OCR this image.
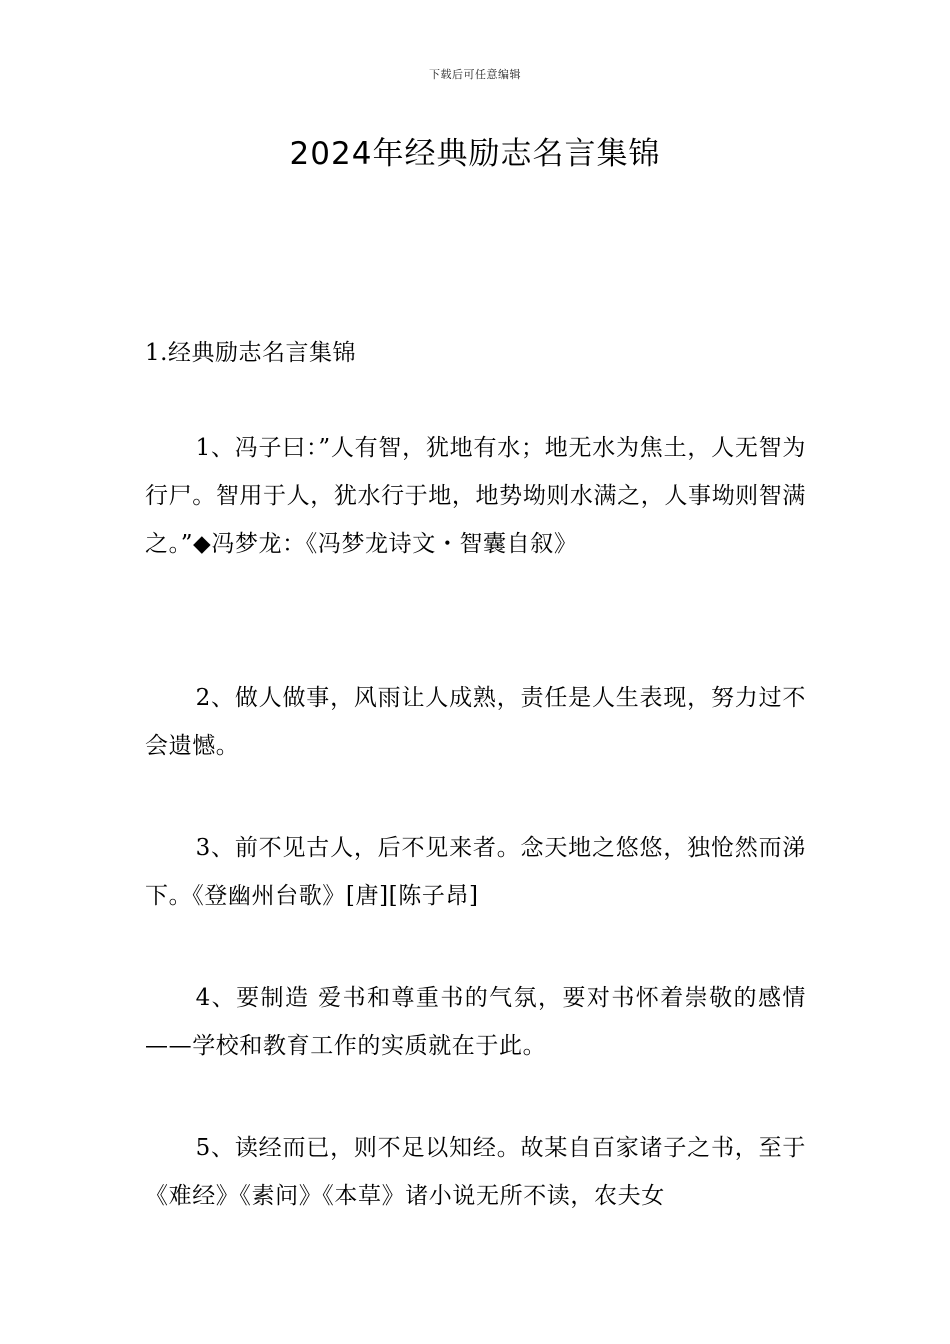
下载后可任意编辑
2024年经典励志名言集锦
1.经典励志名言集锦

1、冯子曰：”人有智，犹地有水；地无水为焦土，人无智为行尸。智用于人，犹水行于地，地势坳则水满之，人事坳则智满之。”◆冯梦龙：《冯梦龙诗文・智囊自叙》

2、做人做事，风雨让人成熟，责任是人生表现，努力过不会遗憾。

3、前不见古人，后不见来者。念天地之悠悠，独怆然而涕下。《登幽州台歌》[唐][陈子昂]

4、要制造 爱书和尊重书的气氛，要对书怀着崇敬的感情——学校和教育工作的实质就在于此。

5、读经而已，则不足以知经。故某自百家诸子之书，至于《难经》《素问》《本草》诸小说无所不读，农夫女
